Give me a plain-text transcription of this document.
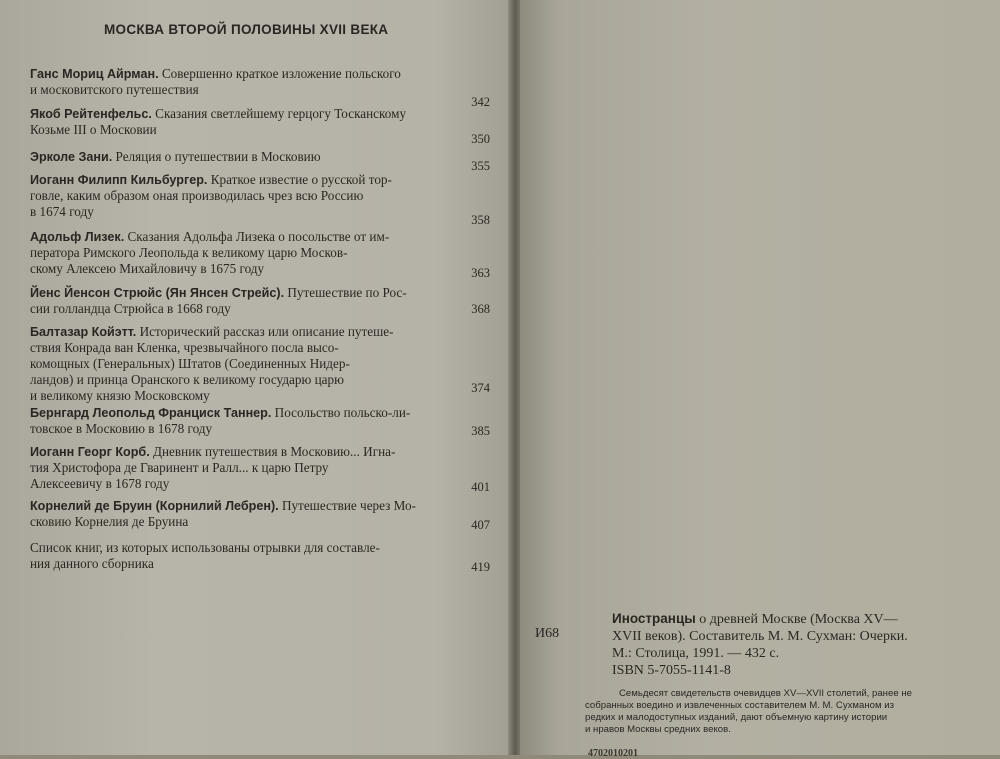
МОСКВА ВТОРОЙ ПОЛОВИНЫ XVII ВЕКА
Ганс Мориц Айрман. Совершенно краткое изложение польского
и московитского путешествия
342
Якоб Рейтенфельс. Сказания светлейшему герцогу Тосканскому
Козьме III о Московии
350
Эрколе Зани. Реляция о путешествии в Московию
355
Иоганн Филипп Кильбургер. Краткое известие о русской тор-
говле, каким образом оная производилась чрез всю Россию
в 1674 году
358
Адольф Лизек. Сказания Адольфа Лизека о посольстве от им-
ператора Римского Леопольда к великому царю Москов-
скому Алексею Михайловичу в 1675 году	363
Йенс Йенсон Стрюйс (Ян Янсен Стрейс). Путешествие по Рос-
сии голландца Стрюйса в 1668 году	368
Балтазар Койэтт. Исторический рассказ или описание путеше-
ствия Конрада ван Кленка, чрезвычайного посла высо-
комощных (Генеральных) Штатов (Соединенных Нидер-
ландов) и принца Оранского к великому государю царю
и великому князю Московскому	374
Бернгард Леопольд Франциск Таннер. Посольство польско-ли-
товское в Московию в 1678 году	385
Иоганн Георг Корб. Дневник путешествия в Московию... Игна-
тия Христофора де Гваринент и Ралл... к царю Петру
Алексеевичу в 1678 году	401
Корнелий де Бруин (Корнилий Лебрен). Путешествие через Мо-
сковию Корнелия де Бруина	407
Список книг, из которых использованы отрывки для составле-
ния данного сборника	419
И68
Иностранцы о древней Москве (Москва XV—
XVII веков). Составитель М. М. Сухман: Очерки.
М.: Столица, 1991. — 432 с.
ISBN 5-7055-1141-8
Семьдесят свидетельств очевидцев XV—XVII столетий, ранее не
собранных воедино и извлеченных составителем М. М. Сухманом из
редких и малодоступных изданий, дают объемную картину истории
и нравов Москвы средних веков.
4702010201
